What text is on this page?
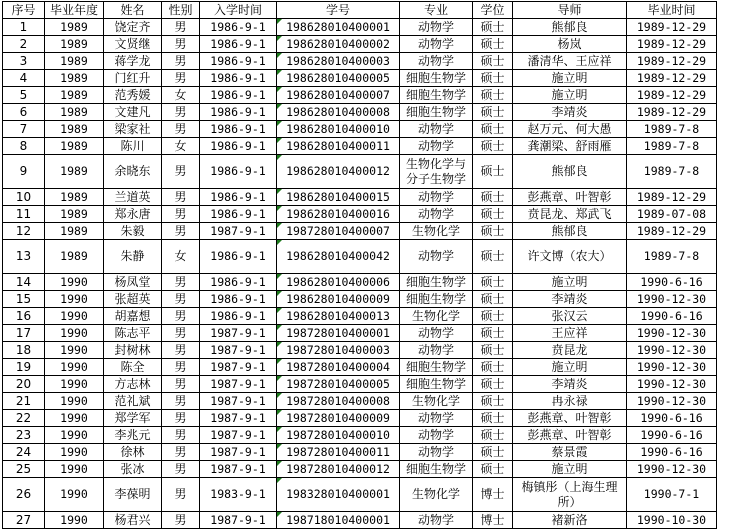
序号	毕业年度	姓名	性别	入学时间	学号	专业	学位	导师	毕业时间
1	1989	饶定齐	男	1986-9-1	198628010400001	动物学	硕士	熊郁良	1989-12-29
2	1989	文贤继	男	1986-9-1	198628010400002	动物学	硕士	杨岚	1989-12-29
3	1989	蒋学龙	男	1986-9-1	198628010400003	动物学	硕士	潘清华、王应祥	1989-12-29
4	1989	门红升	男	1986-9-1	198628010400005	细胞生物学	硕士	施立明	1989-12-29
5	1989	范秀媛	女	1986-9-1	198628010400007	细胞生物学	硕士	施立明	1989-12-29
6	1989	文建凡	男	1986-9-1	198628010400008	细胞生物学	硕士	李靖炎	1989-12-29
7	1989	梁家社	男	1986-9-1	198628010400010	动物学	硕士	赵万元、何大愚	1989-7-8
8	1989	陈川	女	1986-9-1	198628010400011	动物学	硕士	龚潮梁、舒雨雁	1989-7-8
9	1989	余晓东	男	1986-9-1	198628010400012	生物化学与分子生物学	硕士	熊郁良	1989-7-8
10	1989	兰道英	男	1986-9-1	198628010400015	动物学	硕士	彭燕章、叶智彰	1989-12-29
11	1989	郑永唐	男	1986-9-1	198628010400016	动物学	硕士	贲昆龙、郑武飞	1989-07-08
12	1989	朱毅	男	1987-9-1	198728010400007	生物化学	硕士	熊郁良	1989-12-29
13	1989	朱静	女	1986-9-1	198628010400042	动物学	硕士	许文博（农大）	1989-7-8
14	1990	杨凤堂	男	1986-9-1	198628010400006	细胞生物学	硕士	施立明	1990-6-16
15	1990	张超英	男	1986-9-1	198628010400009	细胞生物学	硕士	李靖炎	1990-12-30
16	1990	胡嘉想	男	1986-9-1	198628010400013	生物化学	硕士	张汉云	1990-6-16
17	1990	陈志平	男	1987-9-1	198728010400001	动物学	硕士	王应祥	1990-12-30
18	1990	封树林	男	1987-9-1	198728010400003	动物学	硕士	贲昆龙	1990-12-30
19	1990	陈全	男	1987-9-1	198728010400004	细胞生物学	硕士	施立明	1990-12-30
20	1990	方志林	男	1987-9-1	198728010400005	细胞生物学	硕士	李靖炎	1990-12-30
21	1990	范礼斌	男	1987-9-1	198728010400008	生物化学	硕士	冉永禄	1990-12-30
22	1990	郑学军	男	1987-9-1	198728010400009	动物学	硕士	彭燕章、叶智彰	1990-6-16
23	1990	李兆元	男	1987-9-1	198728010400010	动物学	硕士	彭燕章、叶智彰	1990-6-16
24	1990	徐林	男	1987-9-1	198728010400011	动物学	硕士	蔡景霞	1990-6-16
25	1990	张冰	男	1987-9-1	198728010400012	细胞生物学	硕士	施立明	1990-12-30
26	1990	李葆明	男	1983-9-1	198328010400001	生物化学	博士	梅镇彤（上海生理所）	1990-7-1
27	1990	杨君兴	男	1987-9-1	198718010400001	动物学	博士	褚新洛	1990-10-30
